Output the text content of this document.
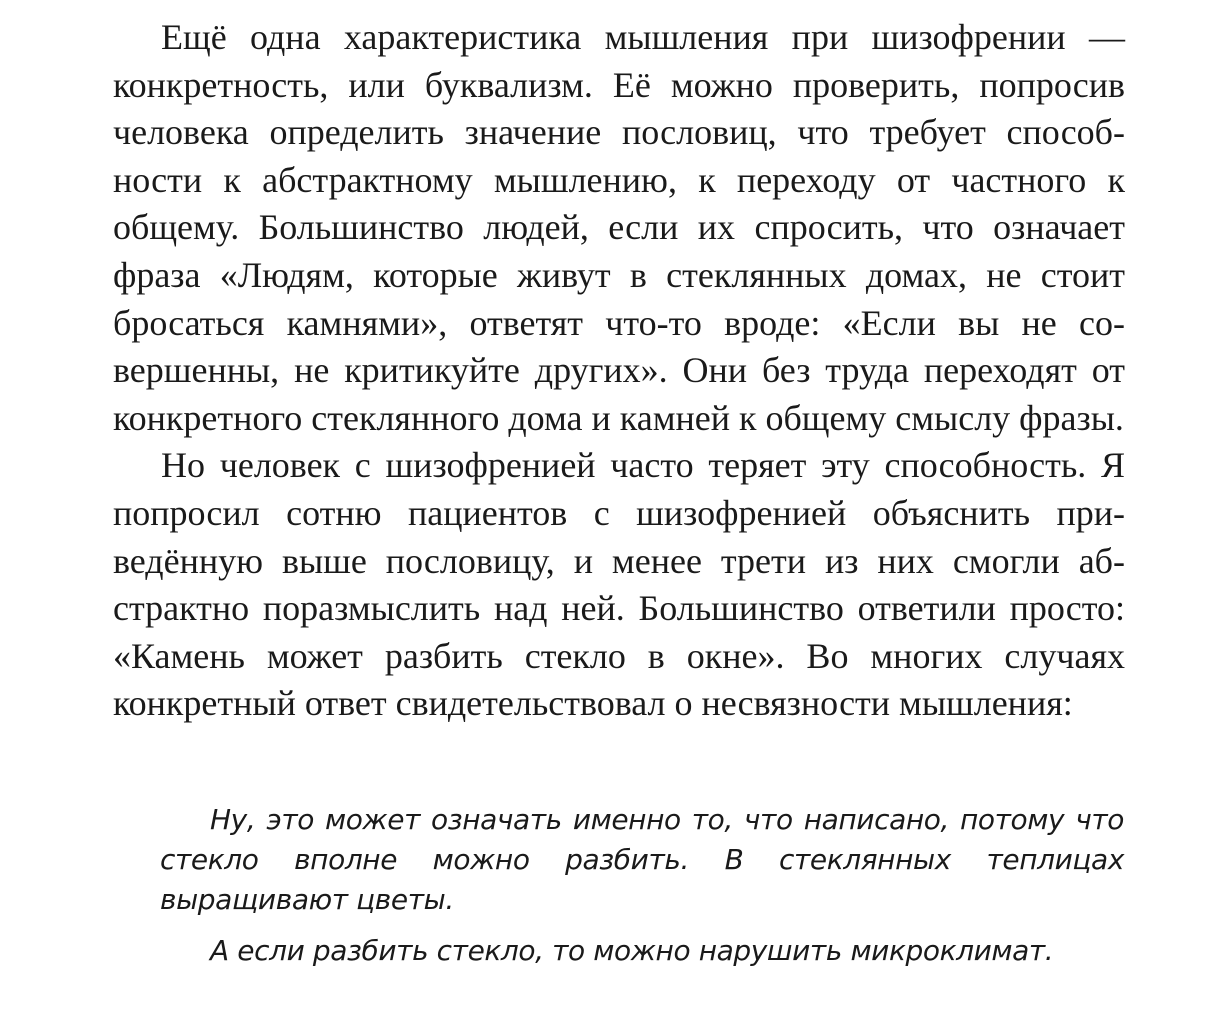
Ещё одна характеристика мышления при шизофрении — конкретность, или буквализм. Её можно проверить, попросив человека определить значение пословиц, что требует способности к абстрактному мышлению, к переходу от частного к общему. Большинство людей, если их спросить, что означает фраза «Людям, которые живут в стеклянных домах, не стоит бросаться камнями», ответят что-то вроде: «Если вы не совершенны, не критикуйте других». Они без труда переходят от конкретного стеклянного дома и камней к общему смыслу фразы.

Но человек с шизофренией часто теряет эту способность. Я попросил сотню пациентов с шизофренией объяснить приведённую выше пословицу, и менее трети из них смогли абстрактно поразмыслить над ней. Большинство ответили просто: «Камень может разбить стекло в окне». Во многих случаях конкретный ответ свидетельствовал о несвязности мышления:

Ну, это может означать именно то, что написано, потому что стекло вполне можно разбить. В стеклянных теплицах выращивают цветы.

А если разбить стекло, то можно нарушить микроклимат.
